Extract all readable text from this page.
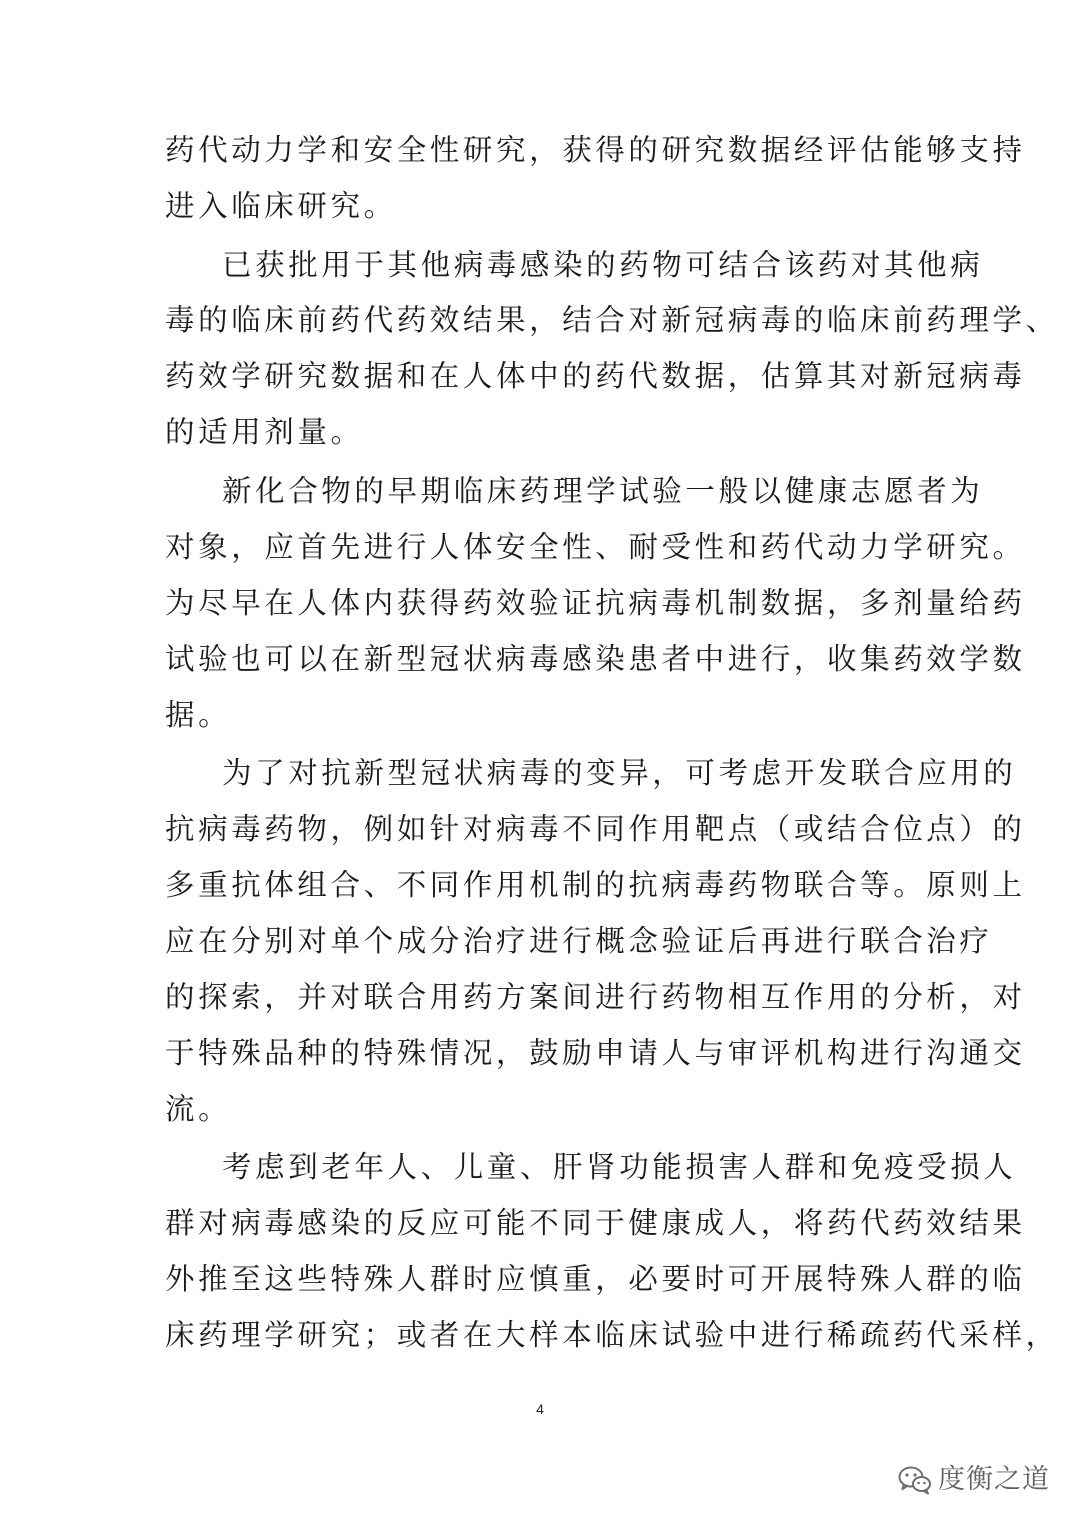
药代动力学和安全性研究，获得的研究数据经评估能够支持
进入临床研究。
已获批用于其他病毒感染的药物可结合该药对其他病
毒的临床前药代药效结果，结合对新冠病毒的临床前药理学、
药效学研究数据和在人体中的药代数据，估算其对新冠病毒
的适用剂量。
新化合物的早期临床药理学试验一般以健康志愿者为
对象，应首先进行人体安全性、耐受性和药代动力学研究。
为尽早在人体内获得药效验证抗病毒机制数据，多剂量给药
试验也可以在新型冠状病毒感染患者中进行，收集药效学数
据。
为了对抗新型冠状病毒的变异，可考虑开发联合应用的
抗病毒药物，例如针对病毒不同作用靶点（或结合位点）的
多重抗体组合、不同作用机制的抗病毒药物联合等。原则上
应在分别对单个成分治疗进行概念验证后再进行联合治疗
的探索，并对联合用药方案间进行药物相互作用的分析，对
于特殊品种的特殊情况，鼓励申请人与审评机构进行沟通交
流。
考虑到老年人、儿童、肝肾功能损害人群和免疫受损人
群对病毒感染的反应可能不同于健康成人，将药代药效结果
外推至这些特殊人群时应慎重，必要时可开展特殊人群的临
床药理学研究；或者在大样本临床试验中进行稀疏药代采样，
4
度衡之道
